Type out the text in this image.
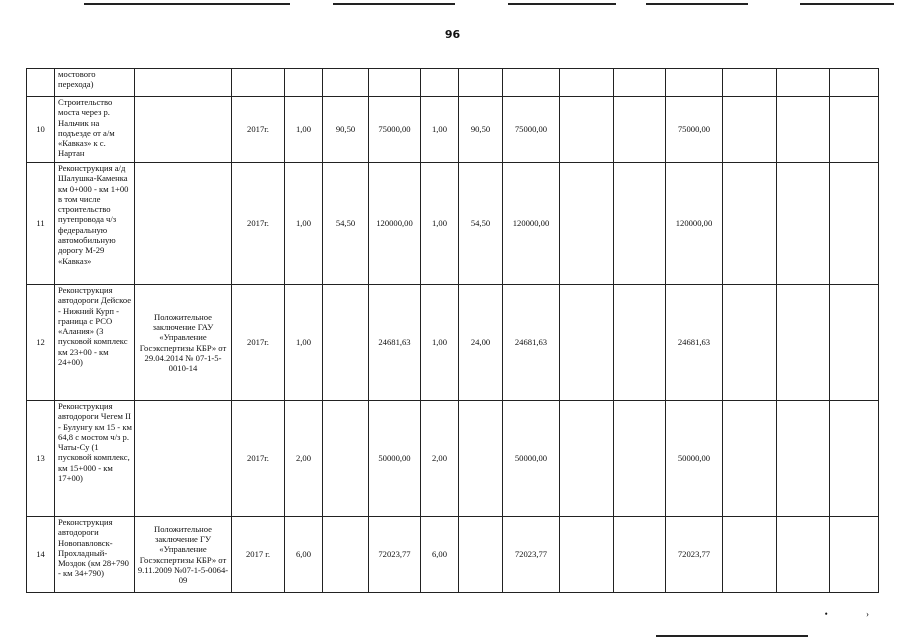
96
	мостового перехода)														
10	Строительство моста через р. Нальчик на подъезде от а/м «Кавказ» к с. Нартан		2017г.	1,00	90,50	75000,00	1,00	90,50	75000,00			75000,00			
11	Реконструкция а/д Шалушка-Каменка км 0+000 - км 1+00 в том числе строительство путепровода ч/з федеральную автомобильную дорогу М-29 «Кавказ»		2017г.	1,00	54,50	120000,00	1,00	54,50	120000,00			120000,00			
12	Реконструкция автодороги Дейское - Нижний Курп - граница с РСО «Алания» (3 пусковой комплекс км 23+00 - км 24+00)	Положительное заключение ГАУ «Управление Госэкспертизы КБР» от 29.04.2014 № 07-1-5-0010-14	2017г.	1,00		24681,63	1,00	24,00	24681,63			24681,63			
13	Реконструкция автодороги Чегем II - Булунгу км 15 - км 64,8 с мостом ч/з р. Чаты-Су (1 пусковой комплекс, км 15+000 - км 17+00)		2017г.	2,00		50000,00	2,00		50000,00			50000,00			
14	Реконструкция автодороги Новопавловск-Прохладный-Моздок (км 28+790 - км 34+790)	Положительное заключение ГУ «Управление Госэкспертизы КБР» от 9.11.2009 №07-1-5-0064-09	2017 г.	6,00		72023,77	6,00		72023,77			72023,77			
• ›
